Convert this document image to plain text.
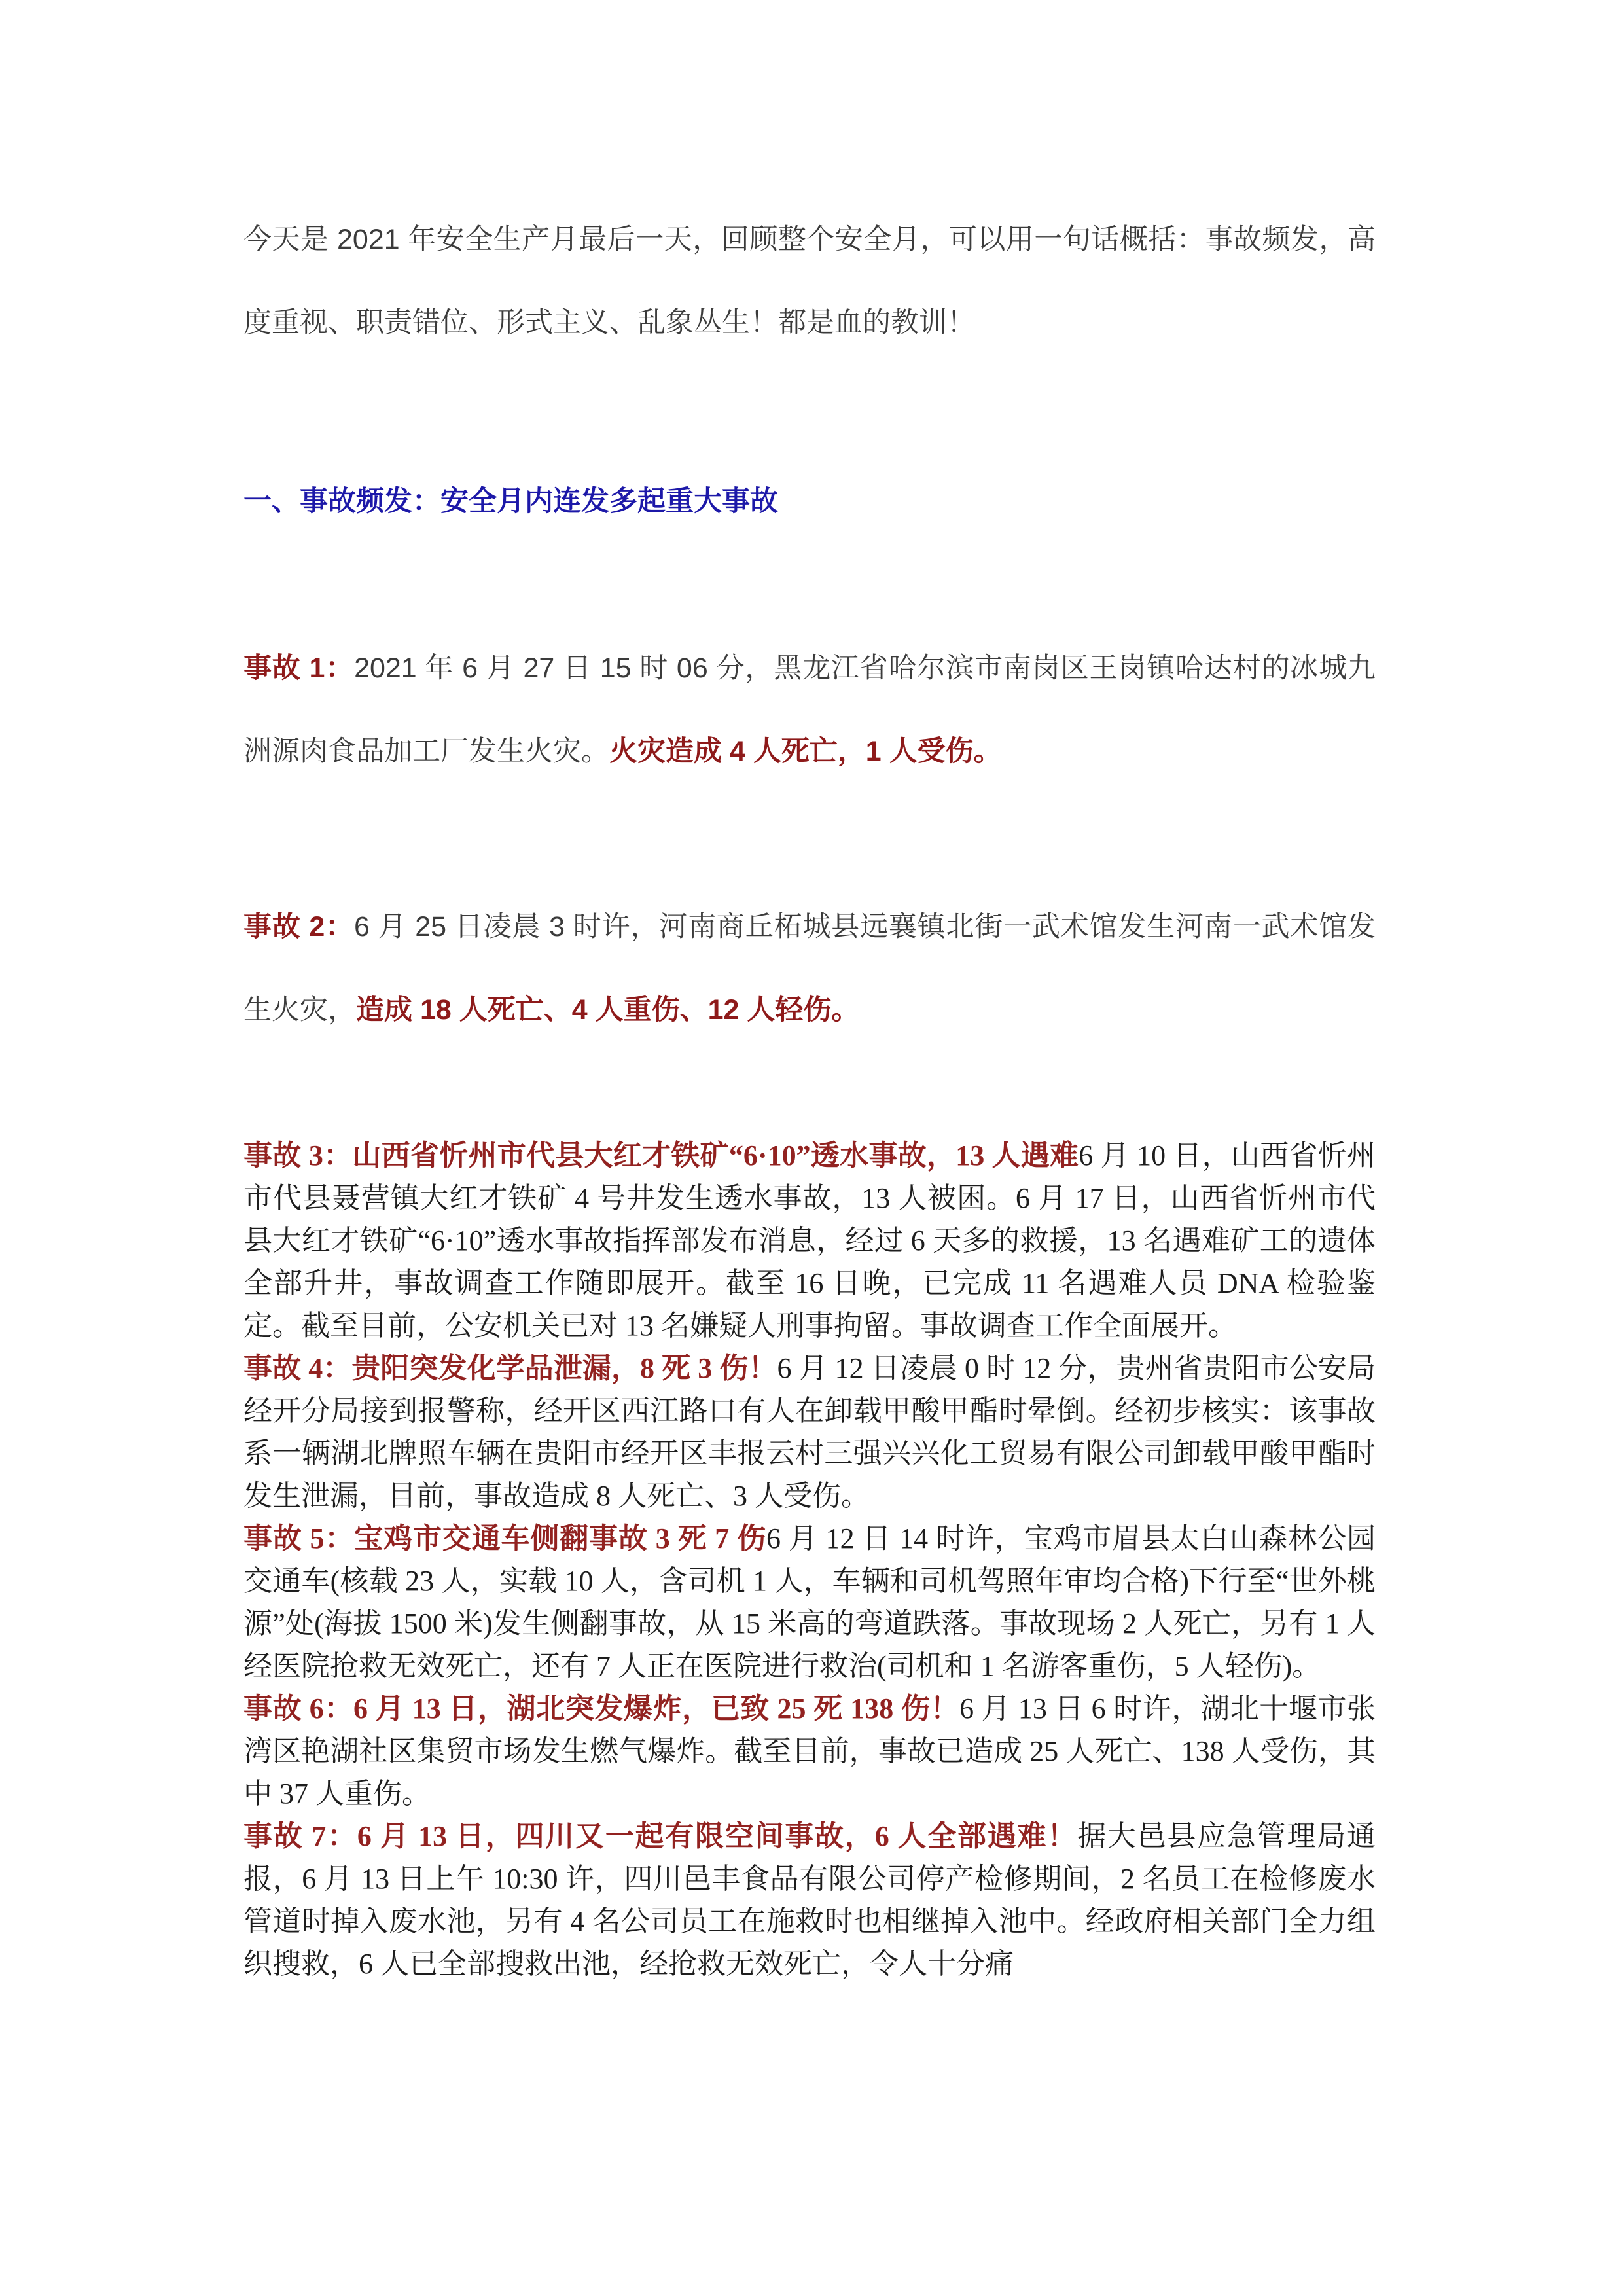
今天是 2021 年安全生产月最后一天，回顾整个安全月，可以用一句话概括：事故频发，高度重视、职责错位、形式主义、乱象丛生！都是血的教训！

一、事故频发：安全月内连发多起重大事故

事故 1：2021 年 6 月 27 日 15 时 06 分，黑龙江省哈尔滨市南岗区王岗镇哈达村的冰城九洲源肉食品加工厂发生火灾。火灾造成 4 人死亡，1 人受伤。

事故 2：6 月 25 日凌晨 3 时许，河南商丘柘城县远襄镇北街一武术馆发生河南一武术馆发生火灾，造成 18 人死亡、4 人重伤、12 人轻伤。

事故 3：山西省忻州市代县大红才铁矿“6·10”透水事故，13 人遇难6 月 10 日，山西省忻州市代县聂营镇大红才铁矿 4 号井发生透水事故，13 人被困。6 月 17 日，山西省忻州市代县大红才铁矿“6·10”透水事故指挥部发布消息，经过 6 天多的救援，13 名遇难矿工的遗体全部升井，事故调查工作随即展开。截至 16 日晚，已完成 11 名遇难人员 DNA 检验鉴定。截至目前，公安机关已对 13 名嫌疑人刑事拘留。事故调查工作全面展开。

事故 4：贵阳突发化学品泄漏，8 死 3 伤！6 月 12 日凌晨 0 时 12 分，贵州省贵阳市公安局经开分局接到报警称，经开区西江路口有人在卸载甲酸甲酯时晕倒。经初步核实：该事故系一辆湖北牌照车辆在贵阳市经开区丰报云村三强兴兴化工贸易有限公司卸载甲酸甲酯时发生泄漏，目前，事故造成 8 人死亡、3 人受伤。

事故 5：宝鸡市交通车侧翻事故 3 死 7 伤6 月 12 日 14 时许，宝鸡市眉县太白山森林公园交通车(核载 23 人，实载 10 人，含司机 1 人，车辆和司机驾照年审均合格)下行至“世外桃源”处(海拔 1500 米)发生侧翻事故，从 15 米高的弯道跌落。事故现场 2 人死亡，另有 1 人经医院抢救无效死亡，还有 7 人正在医院进行救治(司机和 1 名游客重伤，5 人轻伤)。

事故 6：6 月 13 日，湖北突发爆炸，已致 25 死 138 伤！6 月 13 日 6 时许，湖北十堰市张湾区艳湖社区集贸市场发生燃气爆炸。截至目前，事故已造成 25 人死亡、138 人受伤，其中 37 人重伤。

事故 7：6 月 13 日，四川又一起有限空间事故，6 人全部遇难！据大邑县应急管理局通报，6 月 13 日上午 10:30 许，四川邑丰食品有限公司停产检修期间，2 名员工在检修废水管道时掉入废水池，另有 4 名公司员工在施救时也相继掉入池中。经政府相关部门全力组织搜救，6 人已全部搜救出池，经抢救无效死亡，令人十分痛
